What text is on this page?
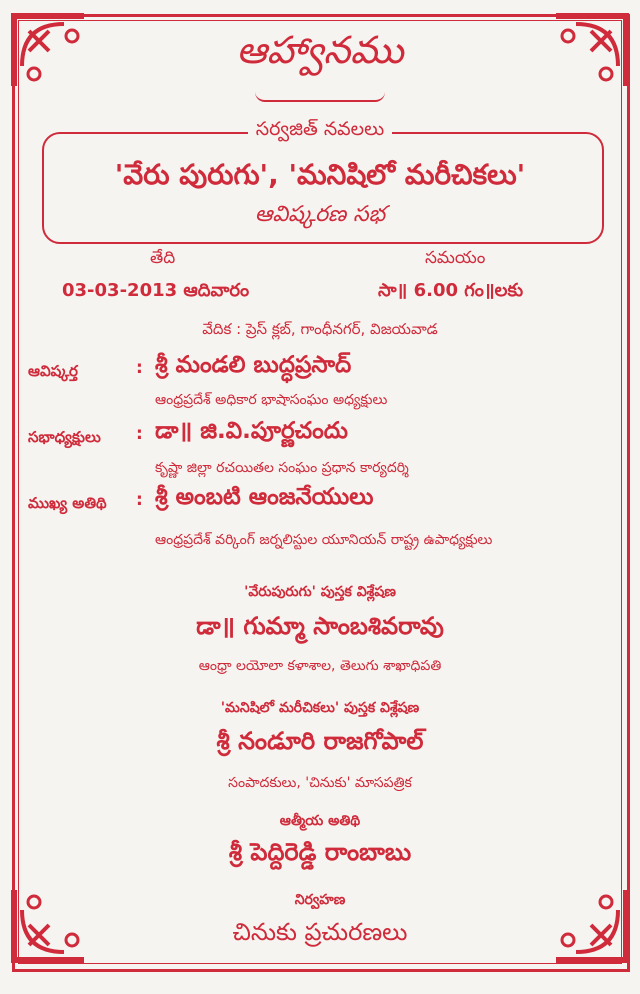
ఆహ్వానము
సర్వజిత్ నవలలు
'వేరు పురుగు', 'మనిషిలో మరీచికలు'
ఆవిష్కరణ సభ
తేది
03-03-2013 ఆదివారం
సమయం
సా॥ 6.00 గం॥లకు
వేదిక : ప్రెస్ క్లబ్, గాంధీనగర్, విజయవాడ
ఆవిష్కర్త	: శ్రీ మండలి బుద్ధప్రసాద్
ఆంధ్రప్రదేశ్ అధికార భాషాసంఘం అధ్యక్షులు
సభాధ్యక్షులు : డా॥ జి.వి.పూర్ణచందు
కృష్ణా జిల్లా రచయితల సంఘం ప్రధాన కార్యదర్శి
ముఖ్య అతిథి : శ్రీ అంబటి ఆంజనేయులు
ఆంధ్రప్రదేశ్ వర్కింగ్ జర్నలిస్టుల యూనియన్ రాష్ట్ర ఉపాధ్యక్షులు
'వేరుపురుగు' పుస్తక విశ్లేషణ
డా॥ గుమ్మా సాంబశివరావు
ఆంధ్రా లయోలా కళాశాల, తెలుగు శాఖాధిపతి
'మనిషిలో మరీచికలు' పుస్తక విశ్లేషణ
శ్రీ నండూరి రాజగోపాల్
సంపాదకులు, 'చినుకు' మాసపత్రిక
ఆత్మీయ అతిథి
శ్రీ పెద్దిరెడ్డి రాంబాబు
నిర్వహణ
చినుకు ప్రచురణలు
